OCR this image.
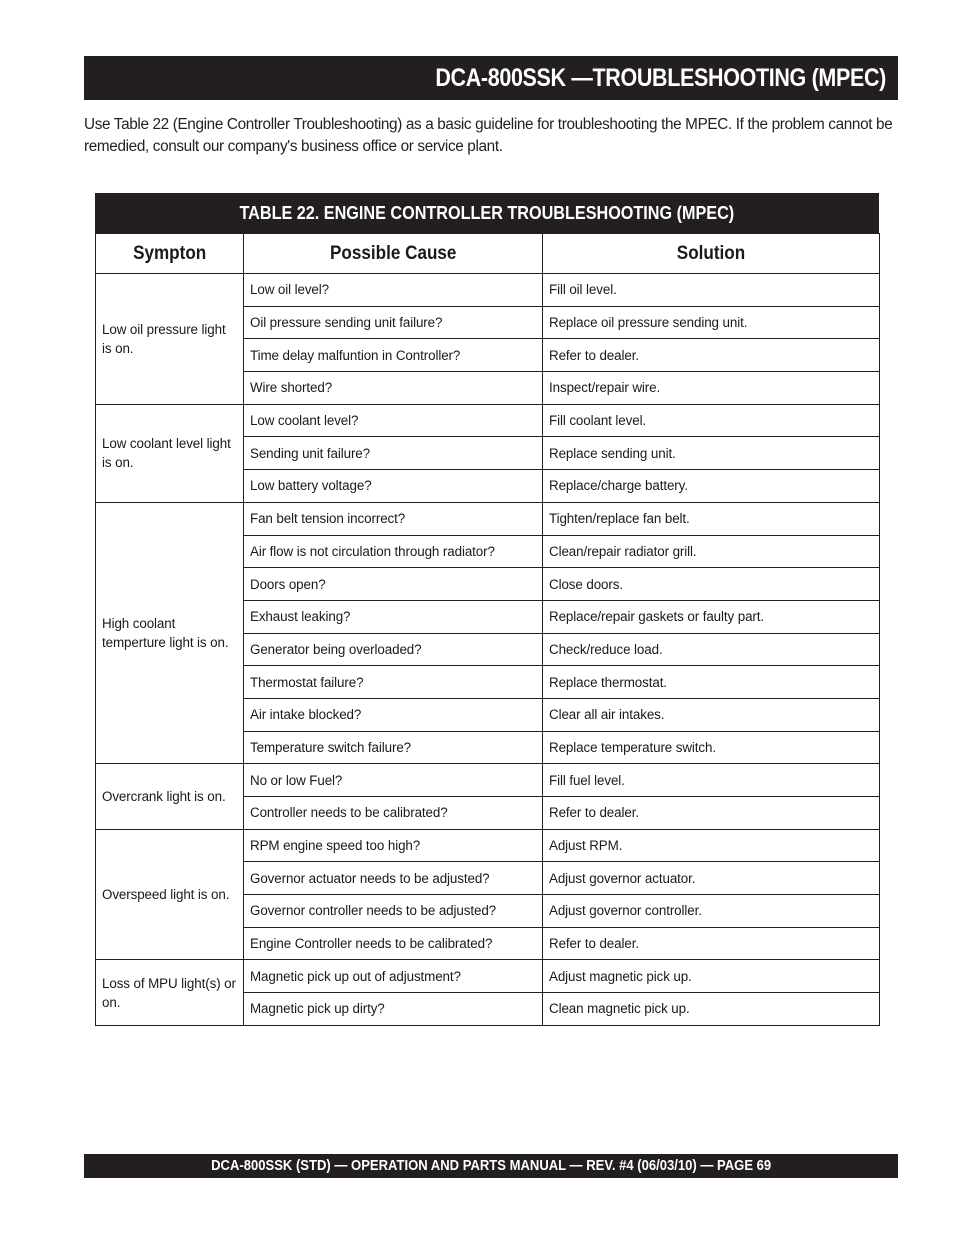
DCA-800SSK —TROUBLESHOOTING (MPEC)

Use Table 22 (Engine Controller Troubleshooting) as a basic guideline for troubleshooting the MPEC. If the problem cannot be remedied, consult our company's business office or service plant.

TABLE 22. ENGINE CONTROLLER TROUBLESHOOTING (MPEC)
Sympton	Possible Cause	Solution
Low oil pressure light is on.	Low oil level?	Fill oil level.
	Oil pressure sending unit failure?	Replace oil pressure sending unit.
	Time delay malfuntion in Controller?	Refer to dealer.
	Wire shorted?	Inspect/repair wire.
Low coolant level light is on.	Low coolant level?	Fill coolant level.
	Sending unit failure?	Replace sending unit.
	Low battery voltage?	Replace/charge battery.
High coolant temperture light is on.	Fan belt tension incorrect?	Tighten/replace fan belt.
	Air flow is not circulation through radiator?	Clean/repair radiator grill.
	Doors open?	Close doors.
	Exhaust leaking?	Replace/repair gaskets or faulty part.
	Generator being overloaded?	Check/reduce load.
	Thermostat failure?	Replace thermostat.
	Air intake blocked?	Clear all air intakes.
	Temperature switch failure?	Replace temperature switch.
Overcrank light is on.	No or low Fuel?	Fill fuel level.
	Controller needs to be calibrated?	Refer to dealer.
Overspeed light is on.	RPM engine speed too high?	Adjust RPM.
	Governor actuator needs to be adjusted?	Adjust governor actuator.
	Governor controller needs to be adjusted?	Adjust governor controller.
	Engine Controller needs to be calibrated?	Refer to dealer.
Loss of MPU light(s) or on.	Magnetic pick up out of adjustment?	Adjust magnetic pick up.
	Magnetic pick up dirty?	Clean magnetic pick up.
DCA-800SSK (STD) — OPERATION AND PARTS MANUAL — REV. #4 (06/03/10) — PAGE 69
